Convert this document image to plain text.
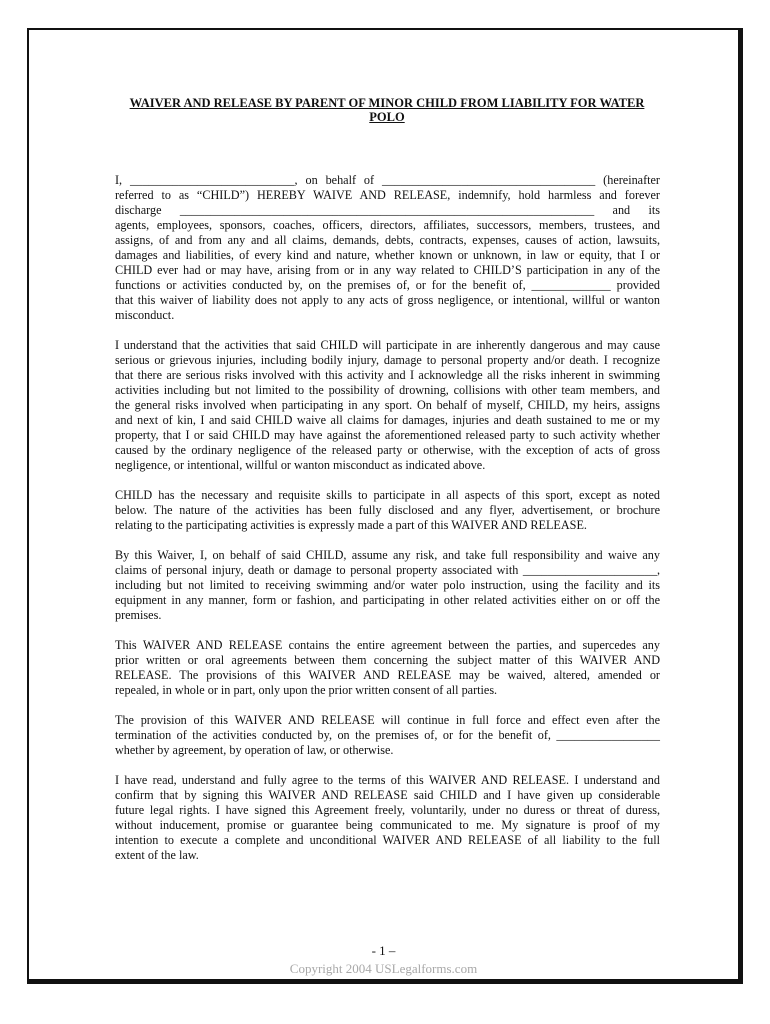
WAIVER AND RELEASE BY PARENT OF MINOR CHILD FROM LIABILITY FOR WATER
POLO
I, ___________________________, on behalf of ___________________________________ (hereinafter
referred to as “CHILD”) HEREBY WAIVE AND RELEASE, indemnify, hold harmless and forever
discharge ____________________________________________________________________ and its
agents, employees, sponsors, coaches, officers, directors, affiliates, successors, members, trustees, and
assigns, of and from any and all claims, demands, debts, contracts, expenses, causes of action, lawsuits,
damages and liabilities, of every kind and nature, whether known or unknown, in law or equity, that I or
CHILD ever had or may have, arising from or in any way related to CHILD’S participation in any of the
functions or activities conducted by, on the premises of, or for the benefit of, _____________ provided
that this waiver of liability does not apply to any acts of gross negligence, or intentional, willful or wanton
misconduct.
I understand that the activities that said CHILD will participate in are inherently dangerous and may cause
serious or grievous injuries, including bodily injury, damage to personal property and/or death. I recognize
that there are serious risks involved with this activity and I acknowledge all the risks inherent in swimming
activities including but not limited to the possibility of drowning, collisions with other team members, and
the general risks involved when participating in any sport. On behalf of myself, CHILD, my heirs, assigns
and next of kin, I and said CHILD waive all claims for damages, injuries and death sustained to me or my
property, that I or said CHILD may have against the aforementioned released party to such activity whether
caused by the ordinary negligence of the released party or otherwise, with the exception of acts of gross
negligence, or intentional, willful or wanton misconduct as indicated above.
CHILD has the necessary and requisite skills to participate in all aspects of this sport, except as noted
below. The nature of the activities has been fully disclosed and any flyer, advertisement, or brochure
relating to the participating activities is expressly made a part of this WAIVER AND RELEASE.
By this Waiver, I, on behalf of said CHILD, assume any risk, and take full responsibility and waive any
claims of personal injury, death or damage to personal property associated with ______________________,
including but not limited to receiving swimming and/or water polo instruction, using the facility and its
equipment in any manner, form or fashion, and participating in other related activities either on or off the
premises.
This WAIVER AND RELEASE contains the entire agreement between the parties, and supercedes any
prior written or oral agreements between them concerning the subject matter of this WAIVER AND
RELEASE. The provisions of this WAIVER AND RELEASE may be waived, altered, amended or
repealed, in whole or in part, only upon the prior written consent of all parties.
The provision of this WAIVER AND RELEASE will continue in full force and effect even after the
termination of the activities conducted by, on the premises of, or for the benefit of, _________________
whether by agreement, by operation of law, or otherwise.
I have read, understand and fully agree to the terms of this WAIVER AND RELEASE. I understand and
confirm that by signing this WAIVER AND RELEASE said CHILD and I have given up considerable
future legal rights. I have signed this Agreement freely, voluntarily, under no duress or threat of duress,
without inducement, promise or guarantee being communicated to me. My signature is proof of my
intention to execute a complete and unconditional WAIVER AND RELEASE of all liability to the full
extent of the law.
- 1 –
Copyright 2004 USLegalforms.com
